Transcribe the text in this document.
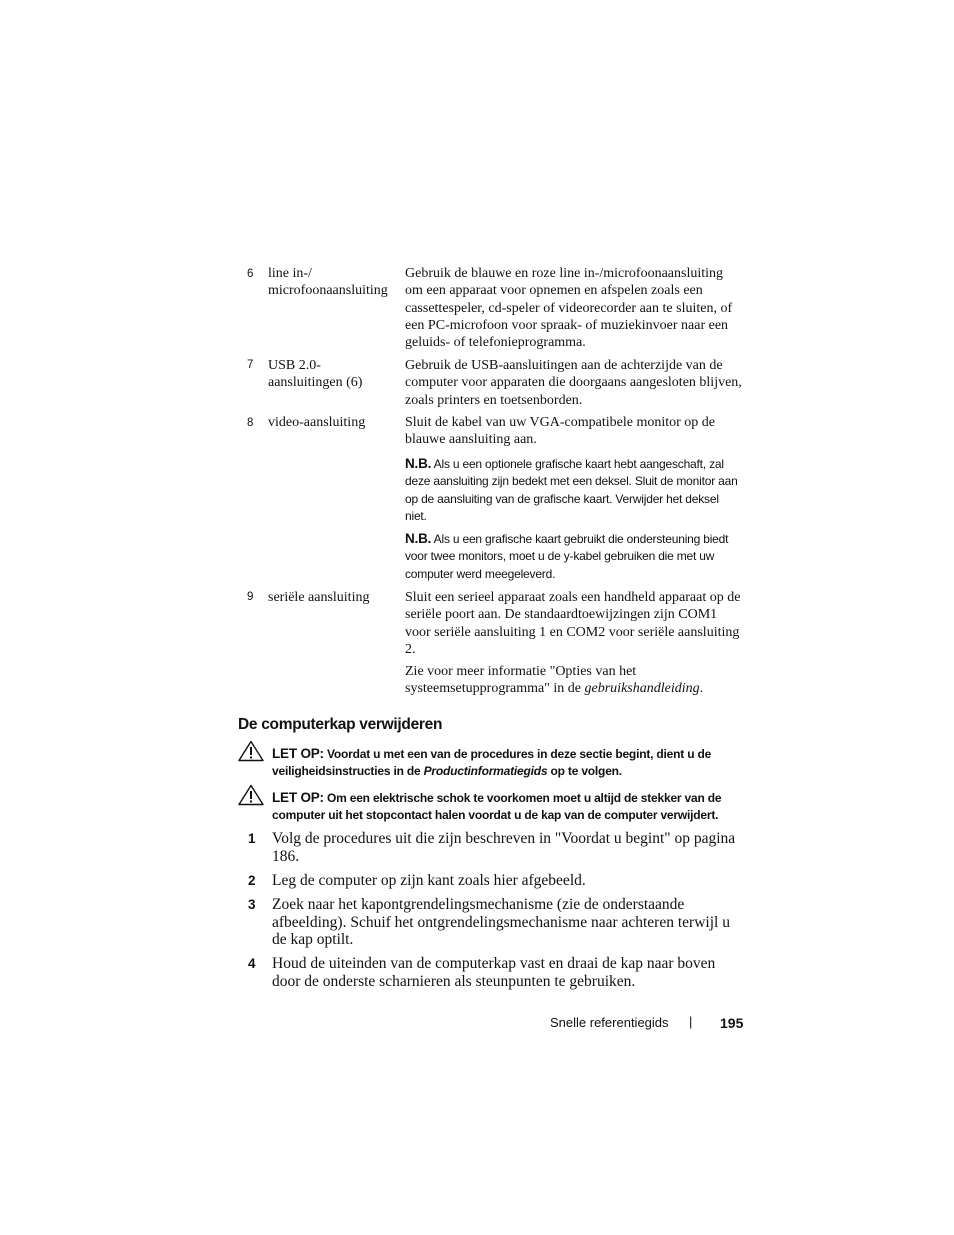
6 line in-/ microfoonaansluiting
Gebruik de blauwe en roze line in-/microfoonaansluiting om een apparaat voor opnemen en afspelen zoals een cassettespeler, cd-speler of videorecorder aan te sluiten, of een PC-microfoon voor spraak- of muziekinvoer naar een geluids- of telefonieprogramma.
7 USB 2.0- aansluitingen (6)
Gebruik de USB-aansluitingen aan de achterzijde van de computer voor apparaten die doorgaans aangesloten blijven, zoals printers en toetsenborden.
8 video-aansluiting	Sluit de kabel van uw VGA-compatibele monitor op de blauwe aansluiting aan.
N.B. Als u een optionele grafische kaart hebt aangeschaft, zal deze aansluiting zijn bedekt met een deksel. Sluit de monitor aan op de aansluiting van de grafische kaart. Verwijder het deksel niet.
N.B. Als u een grafische kaart gebruikt die ondersteuning biedt voor twee monitors, moet u de y-kabel gebruiken die met uw computer werd meegeleverd.
9 seriële aansluiting	Sluit een serieel apparaat zoals een handheld apparaat op de seriële poort aan. De standaardtoewijzingen zijn COM1 voor seriële aansluiting 1 en COM2 voor seriële aansluiting 2.
Zie voor meer informatie "Opties van het systeemsetupprogramma" in de gebruikshandleiding.
De computerkap verwijderen
LET OP: Voordat u met een van de procedures in deze sectie begint, dient u de veiligheidsinstructies in de Productinformatiegids op te volgen.
LET OP: Om een elektrische schok te voorkomen moet u altijd de stekker van de computer uit het stopcontact halen voordat u de kap van de computer verwijdert.
1 Volg de procedures uit die zijn beschreven in "Voordat u begint" op pagina 186.
2 Leg de computer op zijn kant zoals hier afgebeeld.
3 Zoek naar het kapontgrendelingsmechanisme (zie de onderstaande afbeelding). Schuif het ontgrendelingsmechanisme naar achteren terwijl u de kap optilt.
4 Houd de uiteinden van de computerkap vast en draai de kap naar boven door de onderste scharnieren als steunpunten te gebruiken.
Snelle referentiegids | 195
